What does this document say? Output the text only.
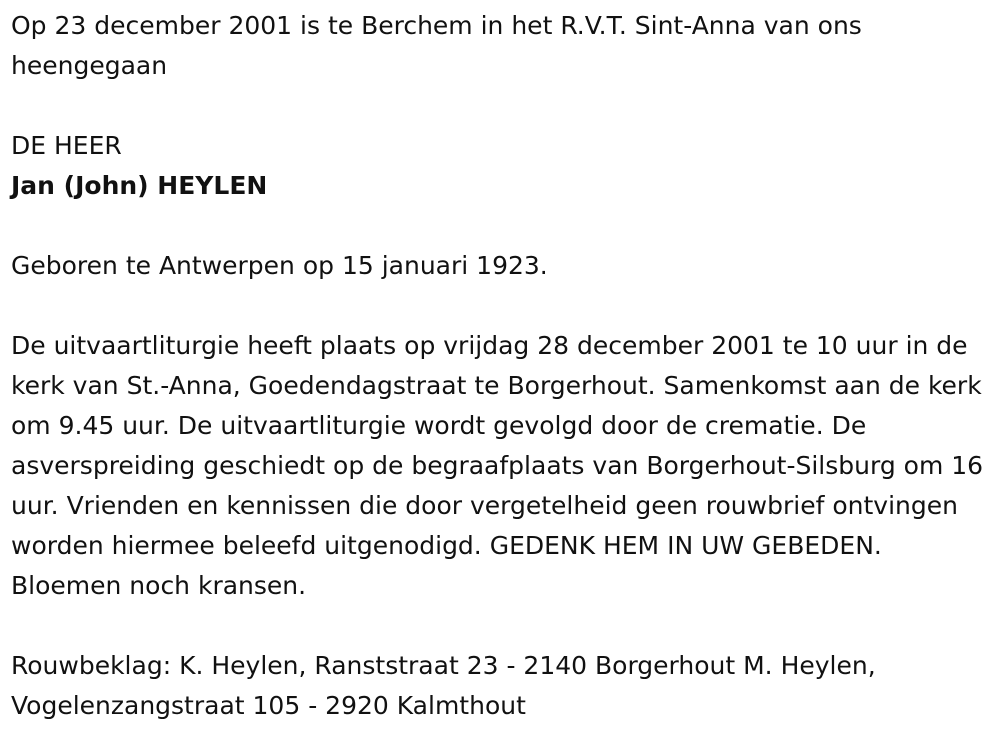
Op 23 december 2001 is te Berchem in het R.V.T. Sint-Anna van ons heengegaan

DE HEER

Jan (John) HEYLEN

Geboren te Antwerpen op 15 januari 1923.

De uitvaartliturgie heeft plaats op vrijdag 28 december 2001 te 10 uur in de kerk van St.-Anna, Goedendagstraat te Borgerhout. Samenkomst aan de kerk om 9.45 uur. De uitvaartliturgie wordt gevolgd door de crematie. De asverspreiding geschiedt op de begraafplaats van Borgerhout-Silsburg om 16 uur. Vrienden en kennissen die door vergetelheid geen rouwbrief ontvingen worden hiermee beleefd uitgenodigd. GEDENK HEM IN UW GEBEDEN. Bloemen noch kransen.

Rouwbeklag: K. Heylen, Ranststraat 23 - 2140 Borgerhout M. Heylen, Vogelenzangstraat 105 - 2920 Kalmthout
